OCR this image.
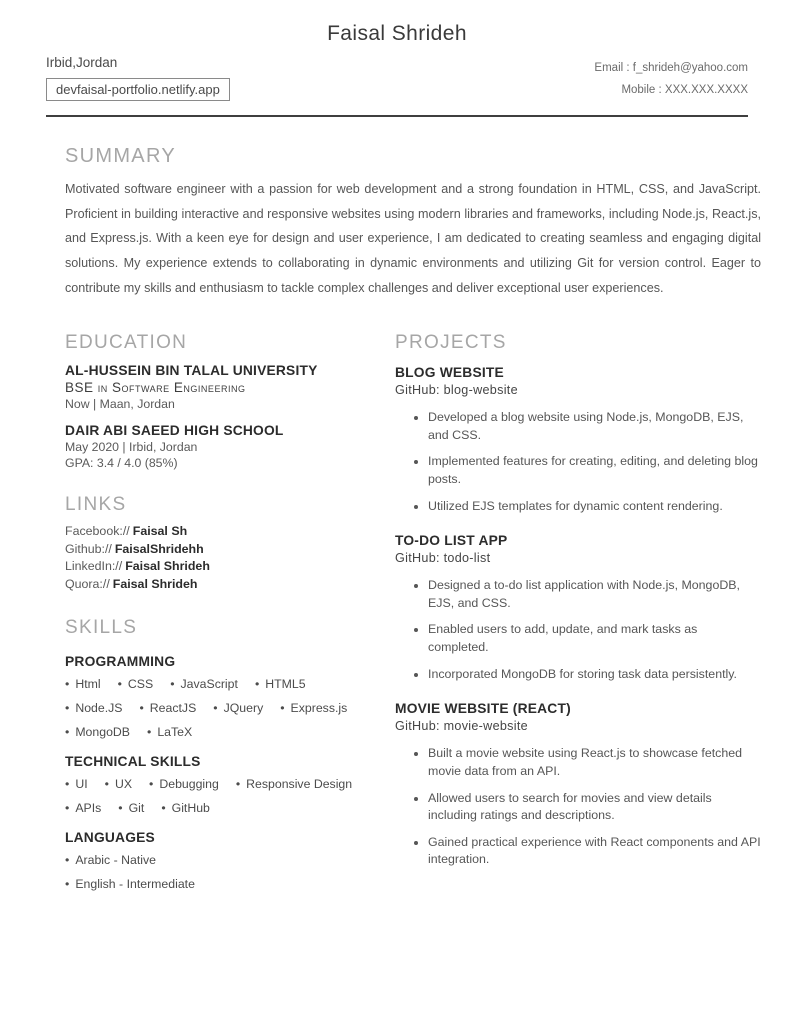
Faisal Shrideh
Irbid,Jordan
devfaisal-portfolio.netlify.app
Email : f_shrideh@yahoo.com
Mobile : XXX.XXX.XXXX
SUMMARY

Motivated software engineer with a passion for web development and a strong foundation in HTML, CSS, and JavaScript. Proficient in building interactive and responsive websites using modern libraries and frameworks, including Node.js, React.js, and Express.js. With a keen eye for design and user experience, I am dedicated to creating seamless and engaging digital solutions. My experience extends to collaborating in dynamic environments and utilizing Git for version control. Eager to contribute my skills and enthusiasm to tackle complex challenges and deliver exceptional user experiences.

EDUCATION
AL-HUSSEIN BIN TALAL UNIVERSITY
BSE in Software Engineering
Now | Maan, Jordan
DAIR ABI SAEED HIGH SCHOOL
May 2020 | Irbid, Jordan
GPA: 3.4 / 4.0 (85%)
LINKS
Facebook:// Faisal Sh
Github:// FaisalShridehh
LinkedIn:// Faisal Shrideh
Quora:// Faisal Shrideh
SKILLS
PROGRAMMING
• Html	• CSS	• JavaScript	• HTML5
• Node.JS	• ReactJS	• JQuery	• Express.js
• MongoDB	• LaTeX
TECHNICAL SKILLS
• UI	• UX	• Debugging	• Responsive Design
• APIs	• Git	• GitHub
LANGUAGES
• Arabic - Native
• English - Intermediate
PROJECTS
BLOG WEBSITE
GitHub: blog-website
• Developed a blog website using Node.js, MongoDB, EJS, and CSS.
• Implemented features for creating, editing, and deleting blog posts.
• Utilized EJS templates for dynamic content rendering.
TO-DO LIST APP
GitHub: todo-list
• Designed a to-do list application with Node.js, MongoDB, EJS, and CSS.
• Enabled users to add, update, and mark tasks as completed.
• Incorporated MongoDB for storing task data persistently.
MOVIE WEBSITE (REACT)
GitHub: movie-website
• Built a movie website using React.js to showcase fetched movie data from an API.
• Allowed users to search for movies and view details including ratings and descriptions.
• Gained practical experience with React components and API integration.
